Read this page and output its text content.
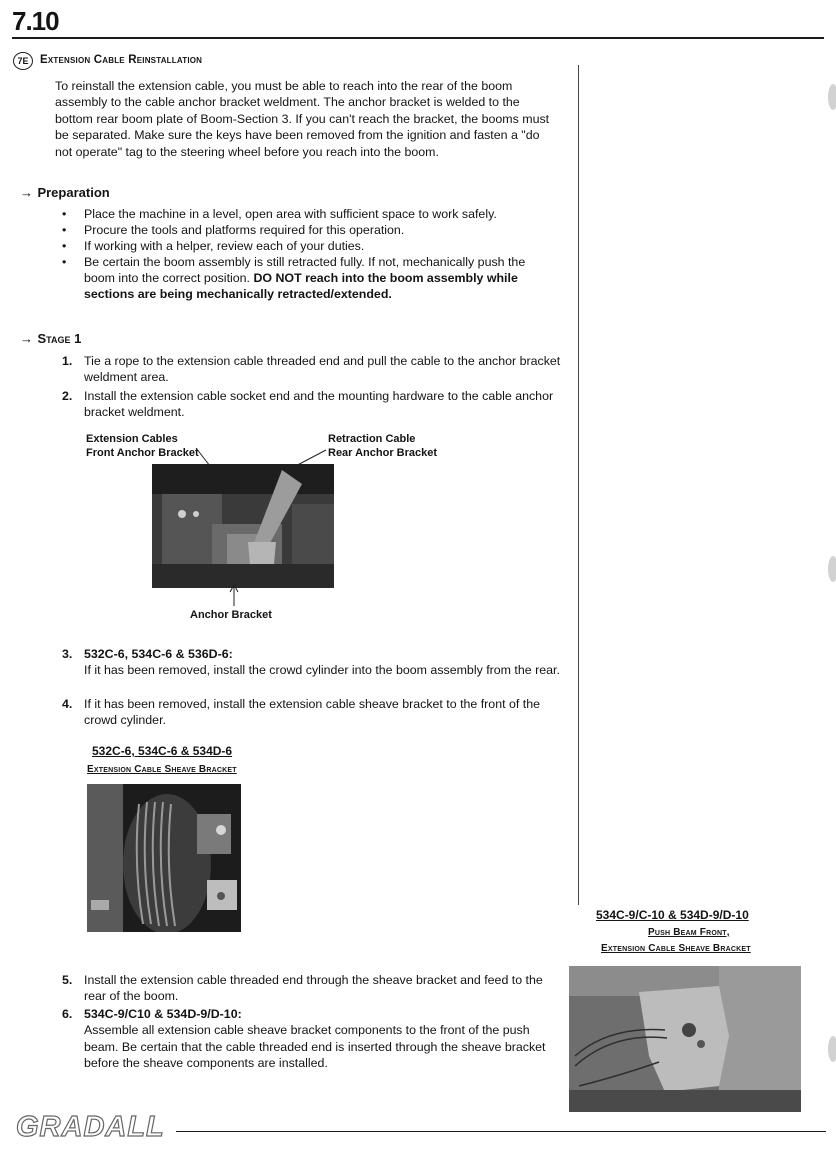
7.10
7E	Extension Cable Reinstallation
To reinstall the extension cable, you must be able to reach into the rear of the boom assembly to the cable anchor bracket weldment. The anchor bracket is welded to the bottom rear boom plate of Boom-Section 3. If you can't reach the bracket, the booms must be separated. Make sure the keys have been removed from the ignition and fasten a "do not operate" tag to the steering wheel before you reach into the boom.
→ Preparation
• Place the machine in a level, open area with sufficient space to work safely.
• Procure the tools and platforms required for this operation.
• If working with a helper, review each of your duties.
• Be certain the boom assembly is still retracted fully. If not, mechanically push the boom into the correct position. DO NOT reach into the boom assembly while sections are being mechanically retracted/extended.
→ Stage 1
1. Tie a rope to the extension cable threaded end and pull the cable to the anchor bracket weldment area.
2. Install the extension cable socket end and the mounting hardware to the cable anchor bracket weldment.
Extension Cables
Front Anchor Bracket
Retraction Cable
Rear Anchor Bracket
Anchor Bracket
3. 532C-6, 534C-6 & 536D-6:
If it has been removed, install the crowd cylinder into the boom assembly from the rear.
4. If it has been removed, install the extension cable sheave bracket to the front of the crowd cylinder.
532C-6, 534C-6 & 534D-6
Extension Cable Sheave Bracket
534C-9/C-10 & 534D-9/D-10
Push Beam Front,
Extension Cable Sheave Bracket
5. Install the extension cable threaded end through the sheave bracket and feed to the rear of the boom.
6. 534C-9/C10 & 534D-9/D-10:
Assemble all extension cable sheave bracket components to the front of the push beam. Be certain that the cable threaded end is inserted through the sheave bracket before the sheave components are installed.
GRADALL
